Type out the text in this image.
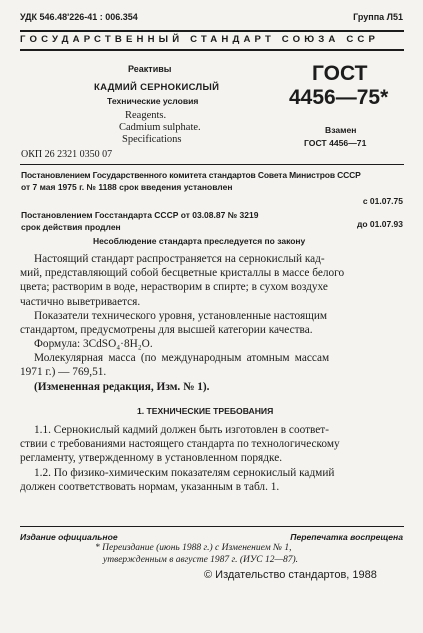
УДК 546.48'226-41 : 006.354	Группа Л51
ГОСУДАРСТВЕННЫЙ СТАНДАРТ СОЮЗА ССР
Реактивы
КАДМИЙ СЕРНОКИСЛЫЙ
Технические условия
Reagents.
Cadmium sulphate.
Specifications
ГОСТ
4456—75*
Взамен
ГОСТ 4456—71
ОКП 26 2321 0350 07
Постановлением Государственного комитета стандартов Совета Министров СССР
от 7 мая 1975 г. № 1188 срок введения установлен
с 01.07.75
Постановлением Госстандарта СССР от 03.08.87 № 3219
срок действия продлен	до 01.07.93
Несоблюдение стандарта преследуется по закону
Настоящий стандарт распространяется на сернокислый кад-
мий, представляющий собой бесцветные кристаллы в массе белого
цвета; растворим в воде, нерастворим в спирте; в сухом воздухе
частично выветривается.
Показатели технического уровня, установленные настоящим
стандартом, предусмотрены для высшей категории качества.
Формула: 3CdSO₄·8H₂O.
Молекулярная масса (по международным атомным массам
1971 г.) — 769,51.
(Измененная редакция, Изм. № 1).
1. ТЕХНИЧЕСКИЕ ТРЕБОВАНИЯ
1.1. Сернокислый кадмий должен быть изготовлен в соответ-
ствии с требованиями настоящего стандарта по технологическому
регламенту, утвержденному в установленном порядке.
1.2. По физико-химическим показателям сернокислый кадмий
должен соответствовать нормам, указанным в табл. 1.
Издание официальное	Перепечатка воспрещена
* Переиздание (июнь 1988 г.) с Изменением № 1,
утвержденным в августе 1987 г. (ИУС 12—87).
© Издательство стандартов, 1988
